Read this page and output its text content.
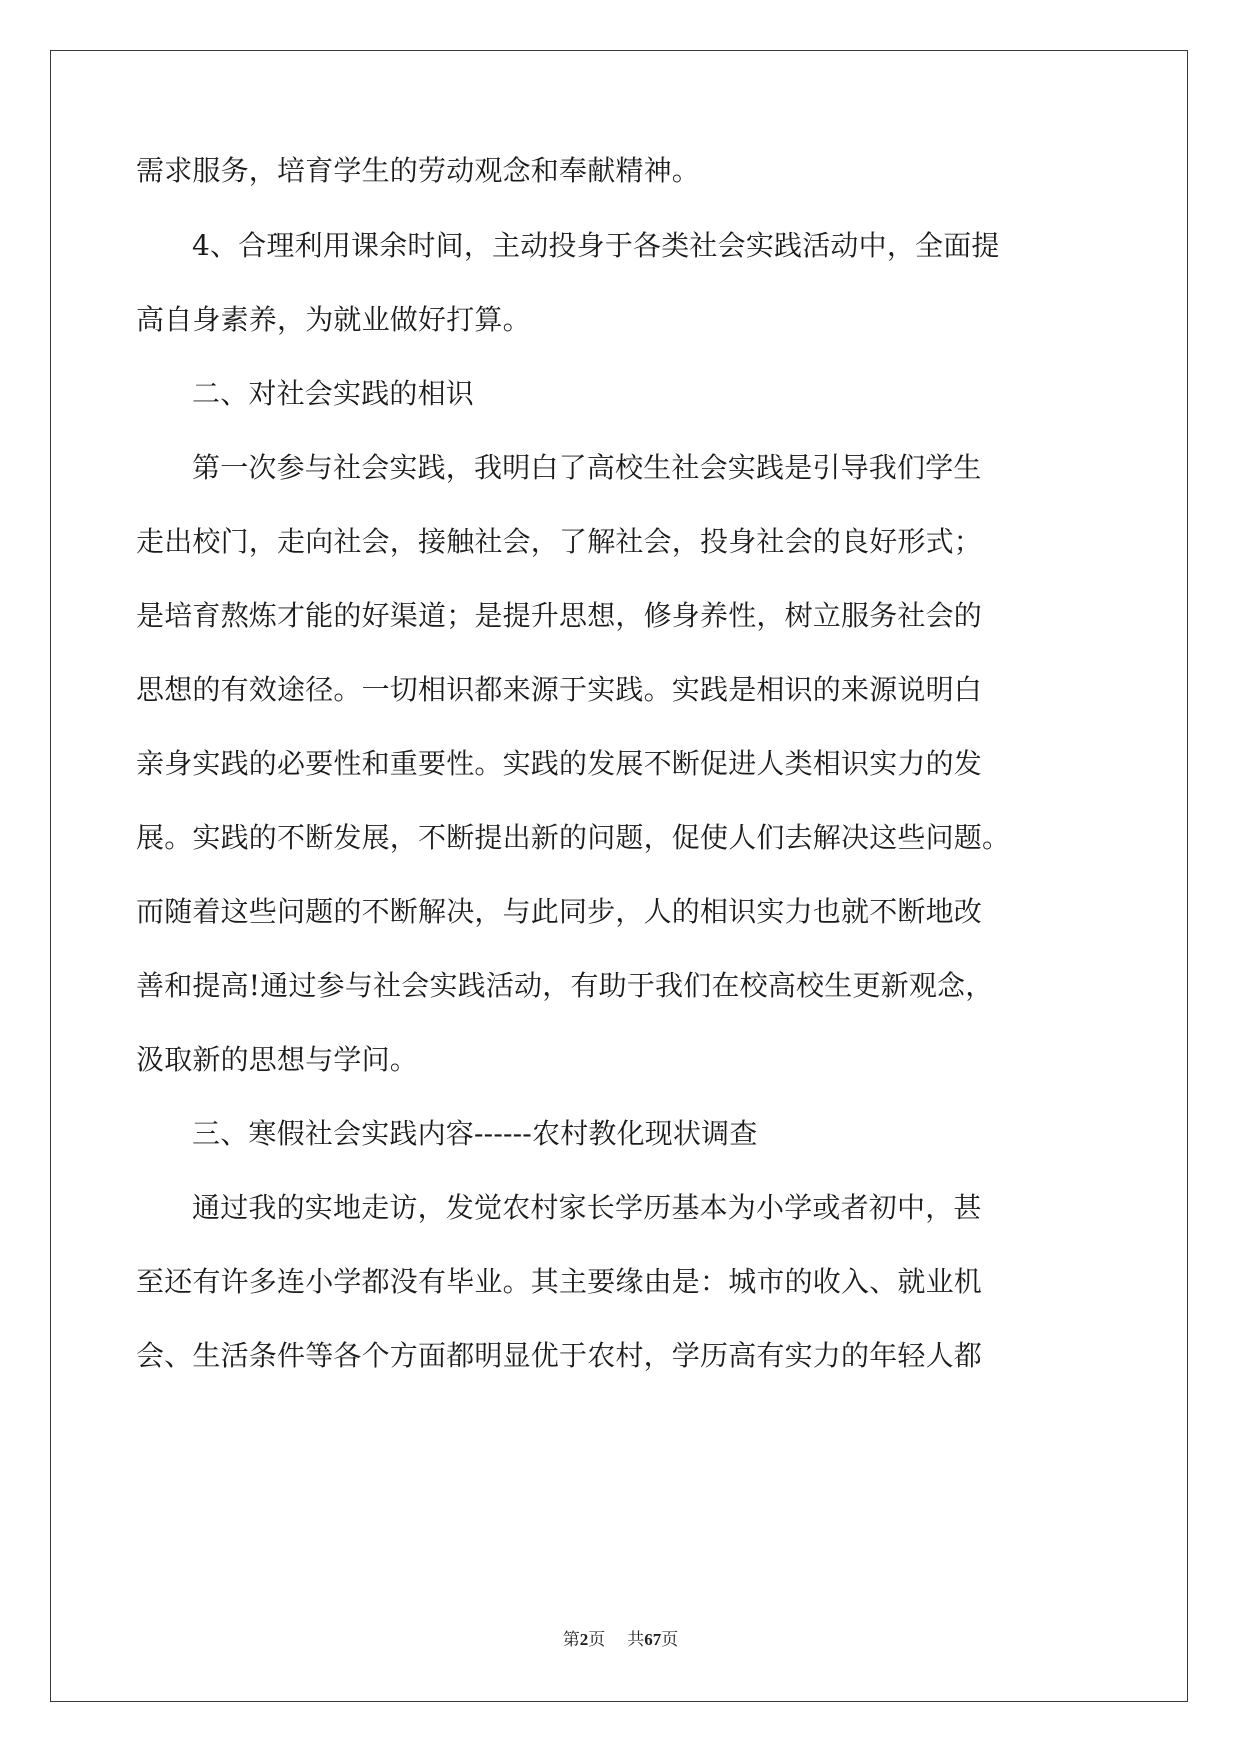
需求服务，培育学生的劳动观念和奉献精神。
4、合理利用课余时间，主动投身于各类社会实践活动中，全面提
高自身素养，为就业做好打算。
二、对社会实践的相识
第一次参与社会实践，我明白了高校生社会实践是引导我们学生
走出校门，走向社会，接触社会，了解社会，投身社会的良好形式；
是培育熬炼才能的好渠道；是提升思想，修身养性，树立服务社会的
思想的有效途径。一切相识都来源于实践。实践是相识的来源说明白
亲身实践的必要性和重要性。实践的发展不断促进人类相识实力的发
展。实践的不断发展，不断提出新的问题，促使人们去解决这些问题。
而随着这些问题的不断解决，与此同步，人的相识实力也就不断地改
善和提高!通过参与社会实践活动，有助于我们在校高校生更新观念，
汲取新的思想与学问。
三、寒假社会实践内容------农村教化现状调查
通过我的实地走访，发觉农村家长学历基本为小学或者初中，甚
至还有许多连小学都没有毕业。其主要缘由是：城市的收入、就业机
会、生活条件等各个方面都明显优于农村，学历高有实力的年轻人都
第2页 共67页
